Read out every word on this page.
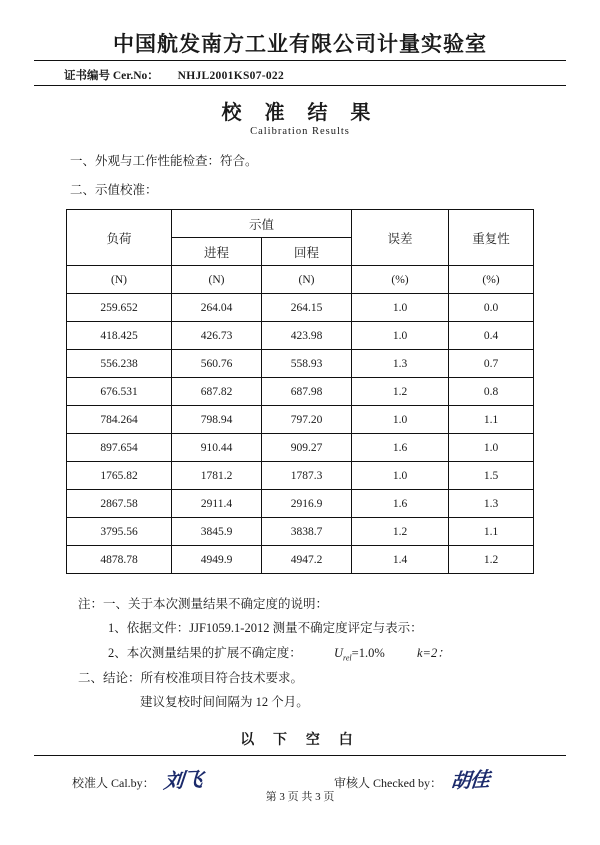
中国航发南方工业有限公司计量实验室
证书编号 Cer.No： NHJL2001KS07-022
校 准 结 果
Calibration Results
一、外观与工作性能检查：符合。
二、示值校准：
负荷	示值		误差	重复性
	进程	回程		
(N)	(N)	(N)	(%)	(%)
259.652	264.04	264.15	1.0	0.0
418.425	426.73	423.98	1.0	0.4
556.238	560.76	558.93	1.3	0.7
676.531	687.82	687.98	1.2	0.8
784.264	798.94	797.20	1.0	1.1
897.654	910.44	909.27	1.6	1.0
1765.82	1781.2	1787.3	1.0	1.5
2867.58	2911.4	2916.9	1.6	1.3
3795.56	3845.9	3838.7	1.2	1.1
4878.78	4949.9	4947.2	1.4	1.2
注：一、关于本次测量结果不确定度的说明：
1、依据文件：JJF1059.1-2012 测量不确定度评定与表示：
2、本次测量结果的扩展不确定度：	$U_{rel}=1.0\%$	k=2：
二、结论：所有校准项目符合技术要求。
建议复校时间间隔为 12 个月。
以 下 空 白
校准人 Cal.by： 刘飞	审核人 Checked by： 胡佳
第 3 页 共 3 页
